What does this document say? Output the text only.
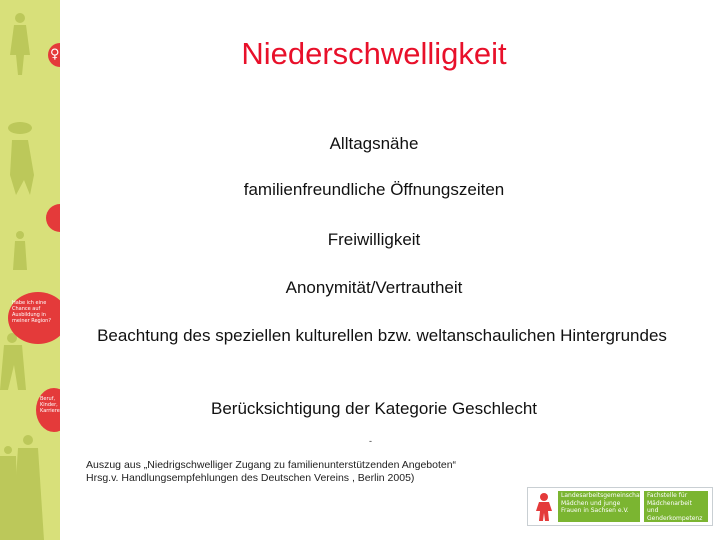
♀
Habe ich eine Chance auf Ausbildung in meiner Region?
Beruf, Kinder, Karriere
Niederschwelligkeit
Alltagsnähe
familienfreundliche Öffnungszeiten
Freiwilligkeit
Anonymität/Vertrautheit
Beachtung des speziellen kulturellen bzw. weltanschaulichen Hintergrundes
Berücksichtigung der Kategorie Geschlecht
-
Auszug aus „Niedrigschwelliger Zugang zu familienunterstützenden Angeboten“
Hrsg.v. Handlungsempfehlungen des Deutschen Vereins , Berlin 2005)
Landesarbeitsgemeinschaft Mädchen und junge Frauen in Sachsen e.V.
Fachstelle für Mädchenarbeit und Genderkompetenz
